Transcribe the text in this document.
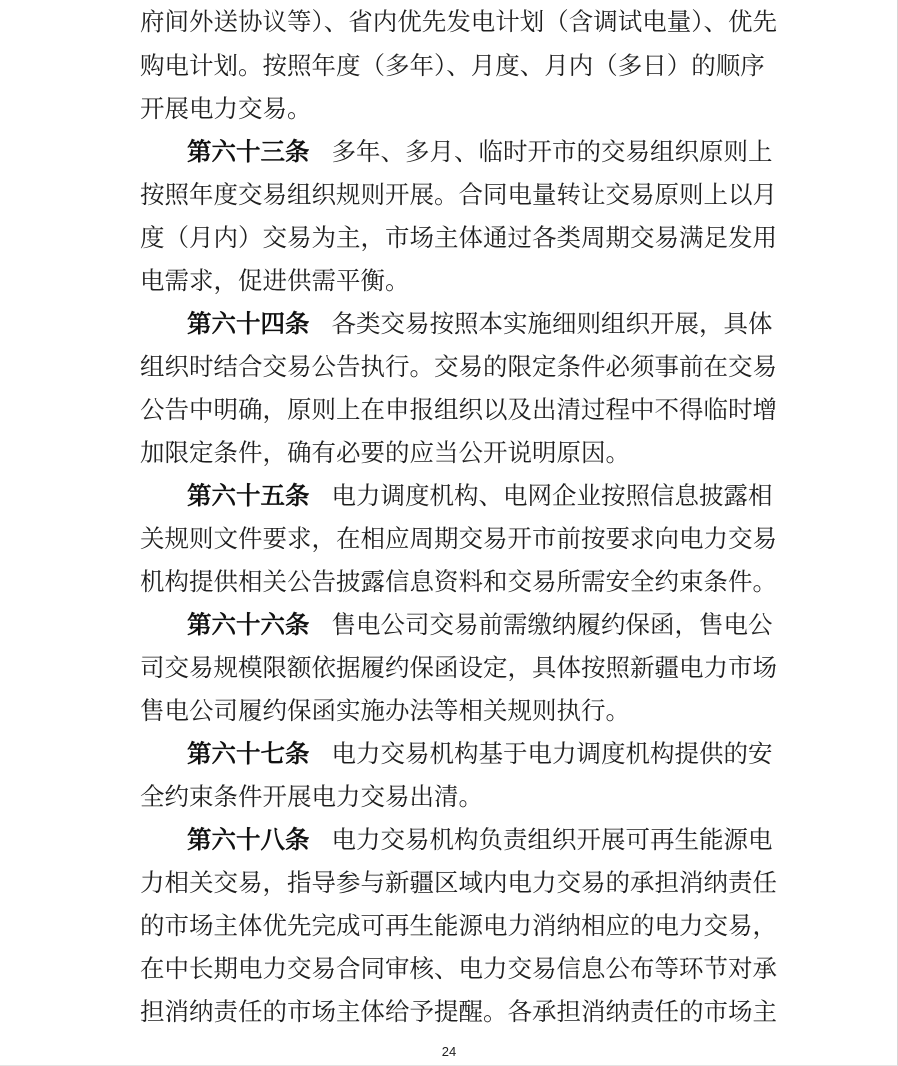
府间外送协议等）、省内优先发电计划（含调试电量）、优先
购电计划。按照年度（多年）、月度、月内（多日）的顺序
开展电力交易。
第六十三条 多年、多月、临时开市的交易组织原则上
按照年度交易组织规则开展。合同电量转让交易原则上以月
度（月内）交易为主，市场主体通过各类周期交易满足发用
电需求，促进供需平衡。
第六十四条 各类交易按照本实施细则组织开展，具体
组织时结合交易公告执行。交易的限定条件必须事前在交易
公告中明确，原则上在申报组织以及出清过程中不得临时增
加限定条件，确有必要的应当公开说明原因。
第六十五条 电力调度机构、电网企业按照信息披露相
关规则文件要求，在相应周期交易开市前按要求向电力交易
机构提供相关公告披露信息资料和交易所需安全约束条件。
第六十六条 售电公司交易前需缴纳履约保函，售电公
司交易规模限额依据履约保函设定，具体按照新疆电力市场
售电公司履约保函实施办法等相关规则执行。
第六十七条 电力交易机构基于电力调度机构提供的安
全约束条件开展电力交易出清。
第六十八条 电力交易机构负责组织开展可再生能源电
力相关交易，指导参与新疆区域内电力交易的承担消纳责任
的市场主体优先完成可再生能源电力消纳相应的电力交易，
在中长期电力交易合同审核、电力交易信息公布等环节对承
担消纳责任的市场主体给予提醒。各承担消纳责任的市场主
24
